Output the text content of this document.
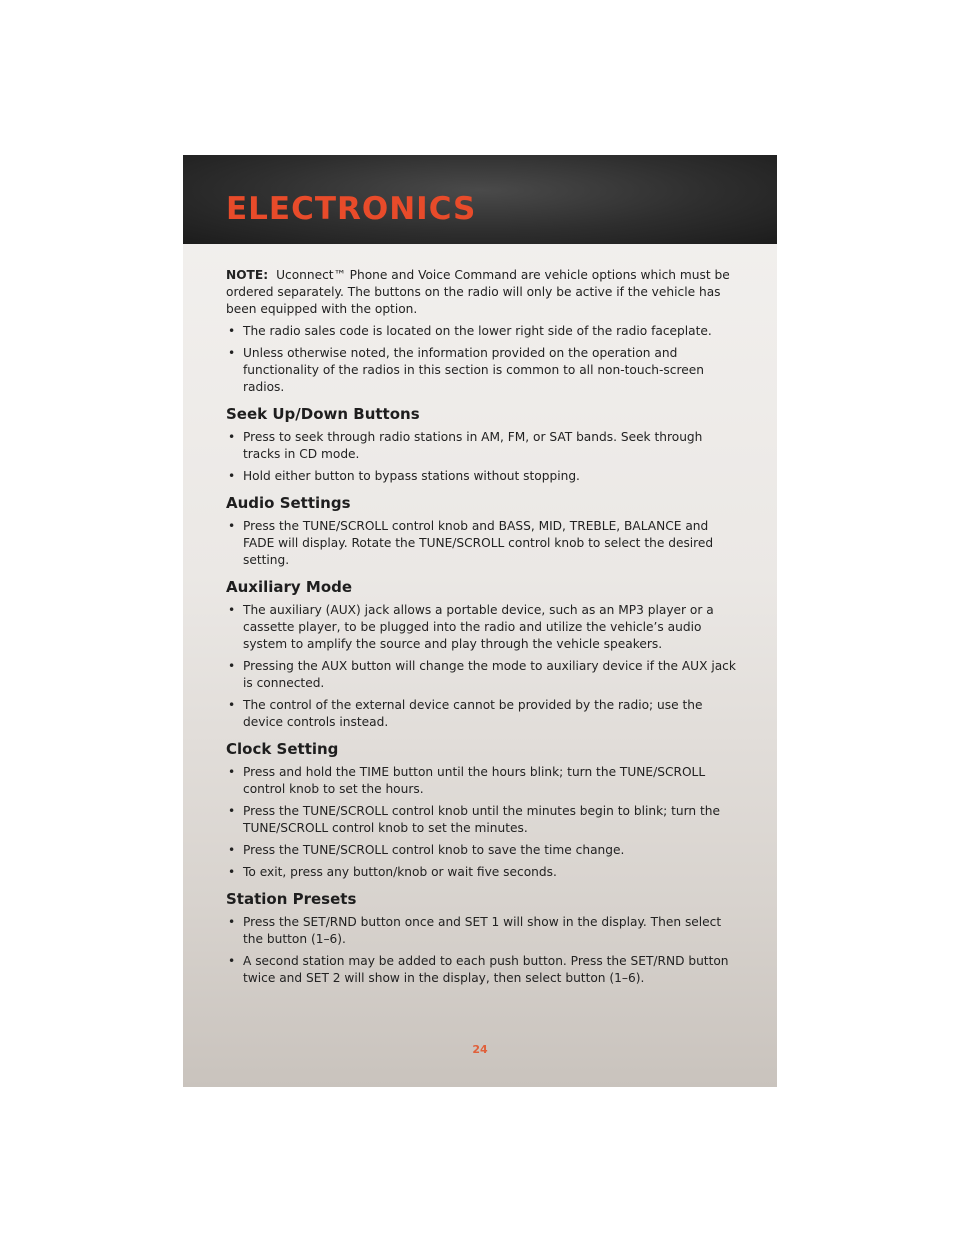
ELECTRONICS

NOTE: Uconnect™ Phone and Voice Command are vehicle options which must be ordered separately. The buttons on the radio will only be active if the vehicle has been equipped with the option.

• The radio sales code is located on the lower right side of the radio faceplate.
• Unless otherwise noted, the information provided on the operation and functionality of the radios in this section is common to all non-touch-screen radios.
Seek Up/Down Buttons
• Press to seek through radio stations in AM, FM, or SAT bands. Seek through tracks in CD mode.
• Hold either button to bypass stations without stopping.
Audio Settings
• Press the TUNE/SCROLL control knob and BASS, MID, TREBLE, BALANCE and FADE will display. Rotate the TUNE/SCROLL control knob to select the desired setting.
Auxiliary Mode
• The auxiliary (AUX) jack allows a portable device, such as an MP3 player or a cassette player, to be plugged into the radio and utilize the vehicle’s audio system to amplify the source and play through the vehicle speakers.
• Pressing the AUX button will change the mode to auxiliary device if the AUX jack is connected.
• The control of the external device cannot be provided by the radio; use the device controls instead.
Clock Setting
• Press and hold the TIME button until the hours blink; turn the TUNE/SCROLL control knob to set the hours.
• Press the TUNE/SCROLL control knob until the minutes begin to blink; turn the TUNE/SCROLL control knob to set the minutes.
• Press the TUNE/SCROLL control knob to save the time change.
• To exit, press any button/knob or wait five seconds.
Station Presets
• Press the SET/RND button once and SET 1 will show in the display. Then select the button (1–6).
• A second station may be added to each push button. Press the SET/RND button twice and SET 2 will show in the display, then select button (1–6).
24
